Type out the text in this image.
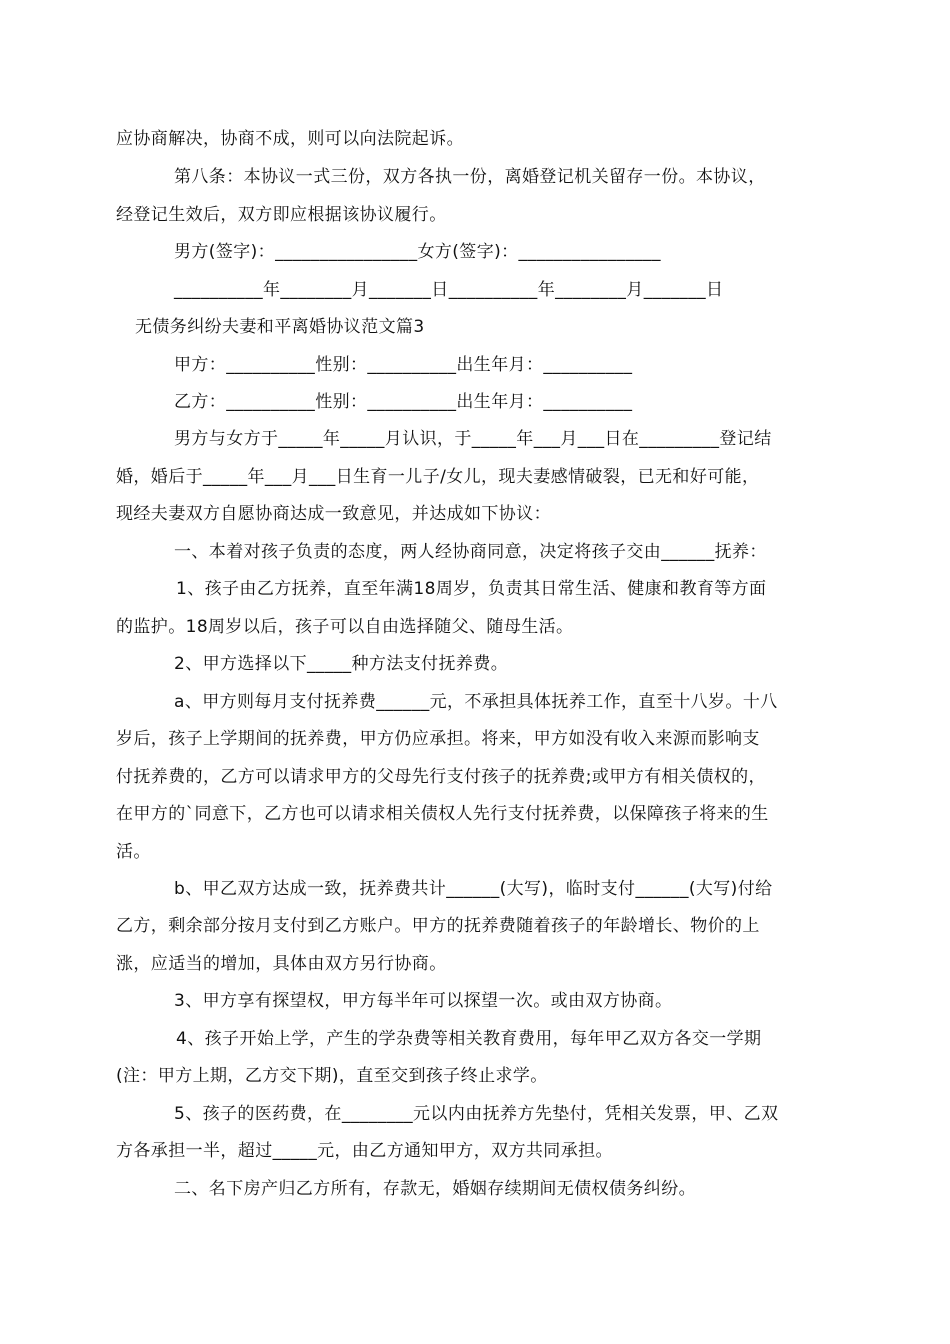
应协商解决，协商不成，则可以向法院起诉。
第八条：本协议一式三份，双方各执一份，离婚登记机关留存一份。本协议，
经登记生效后，双方即应根据该协议履行。
男方(签字)：________________女方(签字)：________________
__________年________月_______日__________年________月_______日
无债务纠纷夫妻和平离婚协议范文篇3
甲方：__________性别：__________出生年月：__________
乙方：__________性别：__________出生年月：__________
男方与女方于_____年_____月认识，于_____年___月___日在_________登记结
婚，婚后于_____年___月___日生育一儿子/女儿，现夫妻感情破裂，已无和好可能，
现经夫妻双方自愿协商达成一致意见，并达成如下协议：
一、本着对孩子负责的态度，两人经协商同意，决定将孩子交由______抚养：
1、孩子由乙方抚养，直至年满18周岁，负责其日常生活、健康和教育等方面
的监护。18周岁以后，孩子可以自由选择随父、随母生活。
2、甲方选择以下_____种方法支付抚养费。
a、甲方则每月支付抚养费______元，不承担具体抚养工作，直至十八岁。十八
岁后，孩子上学期间的抚养费，甲方仍应承担。将来，甲方如没有收入来源而影响支
付抚养费的，乙方可以请求甲方的父母先行支付孩子的抚养费;或甲方有相关债权的，
在甲方的`同意下，乙方也可以请求相关债权人先行支付抚养费，以保障孩子将来的生
活。
b、甲乙双方达成一致，抚养费共计______(大写)，临时支付______(大写)付给
乙方，剩余部分按月支付到乙方账户。甲方的抚养费随着孩子的年龄增长、物价的上
涨，应适当的增加，具体由双方另行协商。
3、甲方享有探望权，甲方每半年可以探望一次。或由双方协商。
4、孩子开始上学，产生的学杂费等相关教育费用，每年甲乙双方各交一学期
(注：甲方上期，乙方交下期)，直至交到孩子终止求学。
5、孩子的医药费，在________元以内由抚养方先垫付，凭相关发票，甲、乙双
方各承担一半，超过_____元，由乙方通知甲方，双方共同承担。
二、名下房产归乙方所有，存款无，婚姻存续期间无债权债务纠纷。
